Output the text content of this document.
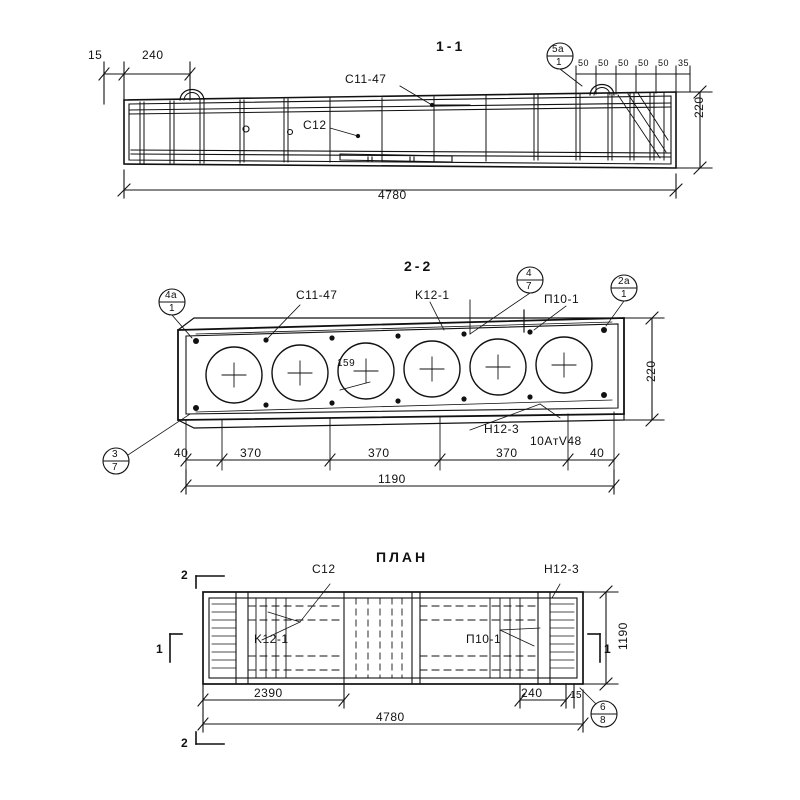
1-1
15	240
C11-47
C12
5a
1 50 50 50 50 50 35
220
4780
2-2
4a
1
C11-47	K12-1
4
7
П10-1
2a
1
159
3
7
Н12-3
10AтV48
220
40	370	370	370	40
1190
ПЛАН
C12	Н12-3
K12-1	П10-1
2
2
1	1
6
8
2390
4780
240	15
1190
